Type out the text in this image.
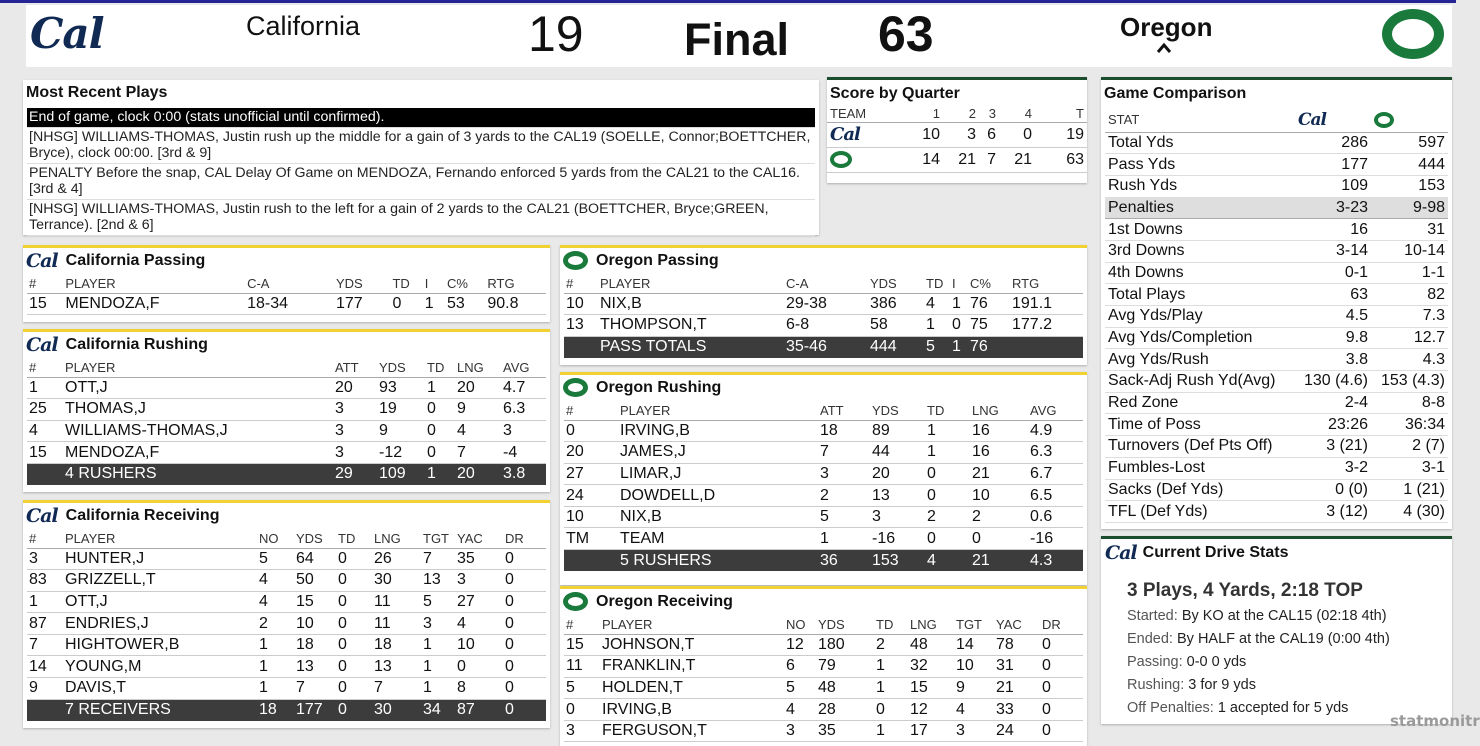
Cal	California	19 Final 63	Oregon
Most Recent Plays
End of game, clock 0:00 (stats unofficial until confirmed).
[NHSG] WILLIAMS-THOMAS, Justin rush up the middle for a gain of 3 yards to the CAL19 (SOELLE, Connor;BOETTCHER, Bryce), clock 00:00. [3rd & 9]
PENALTY Before the snap, CAL Delay Of Game on MENDOZA, Fernando enforced 5 yards from the CAL21 to the CAL16. [3rd & 4]
[NHSG] WILLIAMS-THOMAS, Justin rush to the left for a gain of 2 yards to the CAL21 (BOETTCHER, Bryce;GREEN, Terrance). [2nd & 6]
Score by Quarter
TEAM	1	2	3	4	T
Cal	10	3	6	0	19
	14	21	7	21	63
Game Comparison
STAT	Cal	
Total Yds	286	597
Pass Yds	177	444
Rush Yds	109	153
Penalties	3-23	9-98
1st Downs	16	31
3rd Downs	3-14	10-14
4th Downs	0-1	1-1
Total Plays	63	82
Avg Yds/Play	4.5	7.3
Avg Yds/Completion	9.8	12.7
Avg Yds/Rush	3.8	4.3
Sack-Adj Rush Yd(Avg)	130 (4.6)	153 (4.3)
Red Zone	2-4	8-8
Time of Poss	23:26	36:34
Turnovers (Def Pts Off)	3 (21)	2 (7)
Fumbles-Lost	3-2	3-1
Sacks (Def Yds)	0 (0)	1 (21)
TFL (Def Yds)	3 (12)	4 (30)
Cal Current Drive Stats
3 Plays, 4 Yards, 2:18 TOP
Started: By KO at the CAL15 (02:18 4th)
Ended: By HALF at the CAL19 (0:00 4th)
Passing: 0-0 0 yds
Rushing: 3 for 9 yds
Off Penalties: 1 accepted for 5 yds
statmonitr
Cal California Passing
#	PLAYER	C-A	YDS	TD	I	C%	RTG
15	MENDOZA,F	18-34	177	0	1	53	90.8
Cal California Rushing
#	PLAYER	ATT	YDS	TD	LNG	AVG
1	OTT,J	20	93	1	20	4.7
25	THOMAS,J	3	19	0	9	6.3
4	WILLIAMS-THOMAS,J	3	9	0	4	3
15	MENDOZA,F	3	-12	0	7	-4
	4 RUSHERS	29	109	1	20	3.8
Cal California Receiving
#	PLAYER	NO	YDS	TD	LNG	TGT	YAC	DR
3	HUNTER,J	5	64	0	26	7	35	0
83	GRIZZELL,T	4	50	0	30	13	3	0
1	OTT,J	4	15	0	11	5	27	0
87	ENDRIES,J	2	10	0	11	3	4	0
7	HIGHTOWER,B	1	18	0	18	1	10	0
14	YOUNG,M	1	13	0	13	1	0	0
9	DAVIS,T	1	7	0	7	1	8	0
	7 RECEIVERS	18	177	0	30	34	87	0
Oregon Passing
#	PLAYER	C-A	YDS	TD	I	C%	RTG
10	NIX,B	29-38	386	4	1	76	191.1
13	THOMPSON,T	6-8	58	1	0	75	177.2
	PASS TOTALS	35-46	444	5	1	76	
Oregon Rushing
#	PLAYER	ATT	YDS	TD	LNG	AVG
0	IRVING,B	18	89	1	16	4.9
20	JAMES,J	7	44	1	16	6.3
27	LIMAR,J	3	20	0	21	6.7
24	DOWDELL,D	2	13	0	10	6.5
10	NIX,B	5	3	2	2	0.6
TM	TEAM	1	-16	0	0	-16
	5 RUSHERS	36	153	4	21	4.3
Oregon Receiving
#	PLAYER	NO	YDS	TD	LNG	TGT	YAC	DR
15	JOHNSON,T	12	180	2	48	14	78	0
11	FRANKLIN,T	6	79	1	32	10	31	0
5	HOLDEN,T	5	48	1	15	9	21	0
0	IRVING,B	4	28	0	12	4	33	0
3	FERGUSON,T	3	35	1	17	3	24	0
